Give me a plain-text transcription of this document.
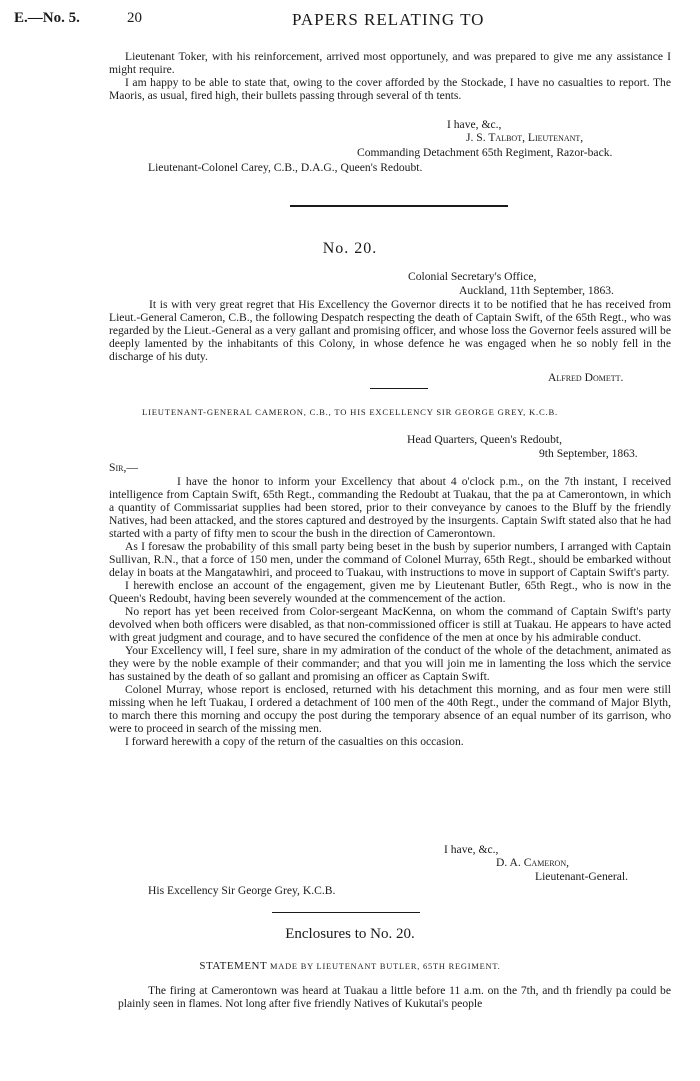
E.—No. 5.	20	PAPERS RELATING TO

Lieutenant Toker, with his reinforcement, arrived most opportunely, and was prepared to give me any assistance I might require.

I am happy to be able to state that, owing to the cover afforded by the Stockade, I have no casualties to report. The Maoris, as usual, fired high, their bullets passing through several of th tents.

I have, &c.,
J. S. Talbot, Lieutenant,
Commanding Detachment 65th Regiment, Razor-back.
Lieutenant-Colonel Carey, C.B., D.A.G., Queen's Redoubt.
No. 20.
Colonial Secretary's Office,
Auckland, 11th September, 1863.

It is with very great regret that His Excellency the Governor directs it to be notified that he has received from Lieut.-General Cameron, C.B., the following Despatch respecting the death of Captain Swift, of the 65th Regt., who was regarded by the Lieut.-General as a very gallant and promising officer, and whose loss the Governor feels assured will be deeply lamented by the inhabitants of this Colony, in whose defence he was engaged when he so nobly fell in the discharge of his duty.

Alfred Domett.
LIEUTENANT-GENERAL CAMERON, C.B., TO HIS EXCELLENCY SIR GEORGE GREY, K.C.B.
Head Quarters, Queen's Redoubt,
9th September, 1863.
Sir,—

I have the honor to inform your Excellency that about 4 o'clock p.m., on the 7th instant, I received intelligence from Captain Swift, 65th Regt., commanding the Redoubt at Tuakau, that the pa at Camerontown, in which a quantity of Commissariat supplies had been stored, prior to their conveyance by canoes to the Bluff by the friendly Natives, had been attacked, and the stores captured and destroyed by the insurgents. Captain Swift stated also that he had started with a party of fifty men to scour the bush in the direction of Camerontown.

As I foresaw the probability of this small party being beset in the bush by superior numbers, I arranged with Captain Sullivan, R.N., that a force of 150 men, under the command of Colonel Murray, 65th Regt., should be embarked without delay in boats at the Mangatawhiri, and proceed to Tuakau, with instructions to move in support of Captain Swift's party.

I herewith enclose an account of the engagement, given me by Lieutenant Butler, 65th Regt., who is now in the Queen's Redoubt, having been severely wounded at the commencement of the action.

No report has yet been received from Color-sergeant MacKenna, on whom the command of Captain Swift's party devolved when both officers were disabled, as that non-commissioned officer is still at Tuakau. He appears to have acted with great judgment and courage, and to have secured the confidence of the men at once by his admirable conduct.

Your Excellency will, I feel sure, share in my admiration of the conduct of the whole of the detachment, animated as they were by the noble example of their commander; and that you will join me in lamenting the loss which the service has sustained by the death of so gallant and promising an officer as Captain Swift.

Colonel Murray, whose report is enclosed, returned with his detachment this morning, and as four men were still missing when he left Tuakau, I ordered a detachment of 100 men of the 40th Regt., under the command of Major Blyth, to march there this morning and occupy the post during the temporary absence of an equal number of its garrison, who were to proceed in search of the missing men.

I forward herewith a copy of the return of the casualties on this occasion.

I have, &c.,
D. A. Cameron,
Lieutenant-General.
His Excellency Sir George Grey, K.C.B.
Enclosures to No. 20.
STATEMENT MADE BY LIEUTENANT BUTLER, 65TH REGIMENT.

The firing at Camerontown was heard at Tuakau a little before 11 a.m. on the 7th, and th friendly pa could be plainly seen in flames. Not long after five friendly Natives of Kukutai's people
